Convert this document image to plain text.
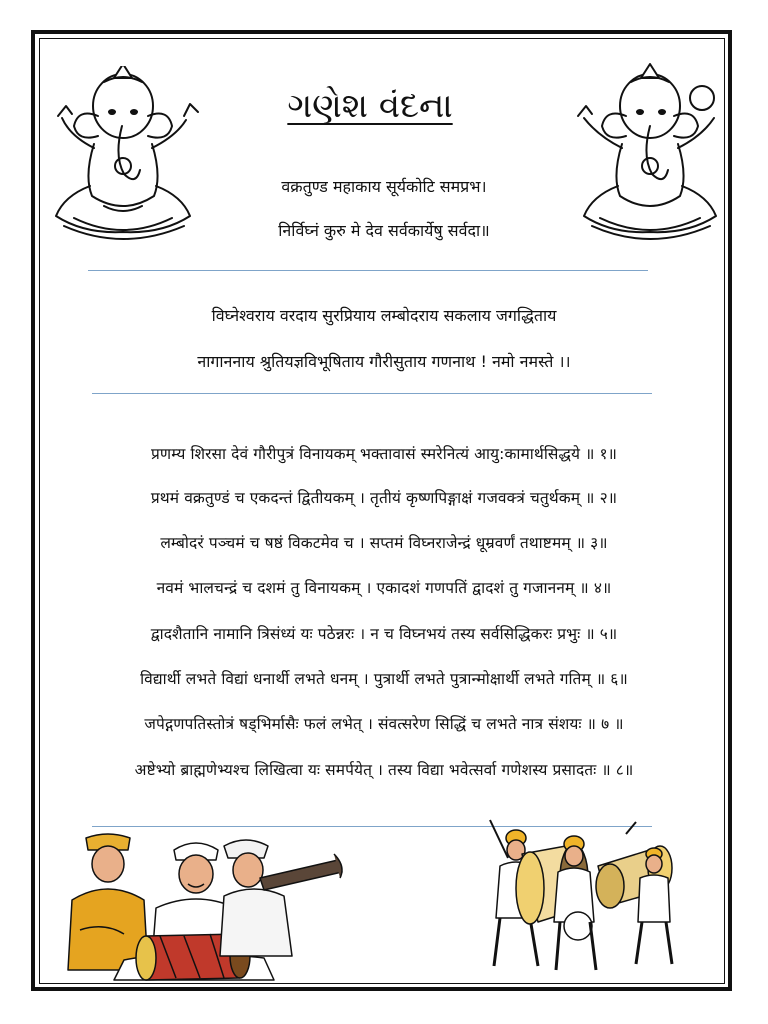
ગણેશ વંદના
वक्रतुण्ड महाकाय सूर्यकोटि समप्रभ।
निर्विघ्नं कुरु मे देव सर्वकार्येषु सर्वदा॥
विघ्नेश्वराय वरदाय सुरप्रियाय लम्बोदराय सकलाय जगद्धिताय
नागाननाय श्रुतियज्ञविभूषिताय गौरीसुताय गणनाथ ! नमो नमस्ते ।।
प्रणम्य शिरसा देवं गौरीपुत्रं विनायकम् भक्तावासं स्मरेनित्यं आयु:कामार्थसिद्धये ॥ १॥
प्रथमं वक्रतुण्डं च एकदन्तं द्वितीयकम् । तृतीयं कृष्णपिङ्गाक्षं गजवक्त्रं चतुर्थकम् ॥ २॥
लम्बोदरं पञ्चमं च षष्ठं विकटमेव च । सप्तमं विघ्नराजेन्द्रं धूम्रवर्णं तथाष्टमम् ॥ ३॥
नवमं भालचन्द्रं च दशमं तु विनायकम् । एकादशं गणपतिं द्वादशं तु गजाननम् ॥ ४॥
द्वादशैतानि नामानि त्रिसंध्यं यः पठेन्नरः । न च विघ्नभयं तस्य सर्वसिद्धिकरः प्रभुः ॥ ५॥
विद्यार्थी लभते विद्यां धनार्थी लभते धनम् । पुत्रार्थी लभते पुत्रान्मोक्षार्थी लभते गतिम् ॥ ६॥
जपेद्गणपतिस्तोत्रं षड्भिर्मासैः फलं लभेत् । संवत्सरेण सिद्धिं च लभते नात्र संशयः ॥ ७ ॥
अष्टेभ्यो ब्राह्मणेभ्यश्च लिखित्वा यः समर्पयेत् । तस्य विद्या भवेत्सर्वा गणेशस्य प्रसादतः ॥ ८॥
